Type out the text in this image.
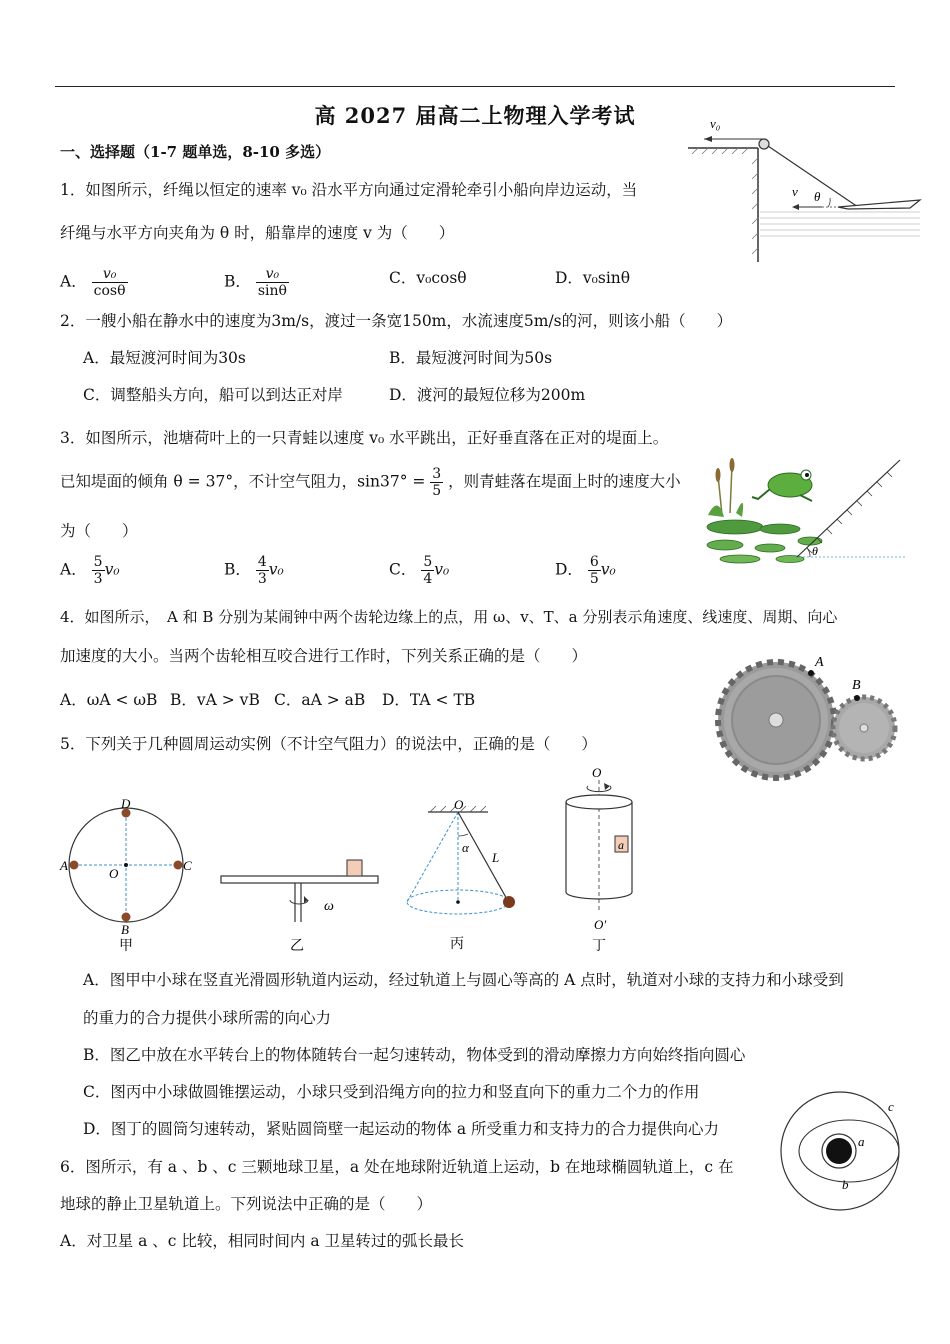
高 2027 届高二上物理入学考试
一、选择题（1-7 题单选，8-10 多选）
v₀
v θ
1．如图所示，纤绳以恒定的速率 v₀ 沿水平方向通过定滑轮牵引小船向岸边运动，当
纤绳与水平方向夹角为 θ 时，船靠岸的速度 v 为（　　）
A． $\frac{\text{v₀}}{\cos\theta}$	B． $\frac{\text{v₀}}{\sin\theta}$	C．v₀cosθ	D．v₀sinθ
2．一艘小船在静水中的速度为3m/s，渡过一条宽150m，水流速度5m/s的河，则该小船（　　）
A．最短渡河时间为30s	B．最短渡河时间为50s
C．调整船头方向，船可以到达正对岸	D．渡河的最短位移为200m
3．如图所示，池塘荷叶上的一只青蛙以速度 v₀ 水平跳出，正好垂直落在正对的堤面上。
已知堤面的倾角 θ = 37°，不计空气阻力，$\sin 37^\circ = \frac{3}{5}$ ，则青蛙落在堤面上时的速度大小
为（　　）
θ
A． $\frac{5}{3} v_0$	B． $\frac{4}{3} v_0$	C． $\frac{5}{4} v_0$	D． $\frac{6}{5} v_0$
4．如图所示，　A 和 B 分别为某闹钟中两个齿轮边缘上的点，用 ω、v、T、a 分别表示角速度、线速度、周期、向心
加速度的大小。当两个齿轮相互咬合进行工作时，下列关系正确的是（　　）
A．ωA < ωB B．vA > vB C．aA > aB D．TA < TB
A
B
5．下列关于几种圆周运动实例（不计空气阻力）的说法中，正确的是（　　）
D
A	C
O
B
甲
ω
乙
O
α
L
丙
O
a
O′
丁
A．图甲中小球在竖直光滑圆形轨道内运动，经过轨道上与圆心等高的 A 点时，轨道对小球的支持力和小球受到
的重力的合力提供小球所需的向心力
B．图乙中放在水平转台上的物体随转台一起匀速转动，物体受到的滑动摩擦力方向始终指向圆心
C．图丙中小球做圆锥摆运动，小球只受到沿绳方向的拉力和竖直向下的重力二个力的作用
D．图丁的圆筒匀速转动，紧贴圆筒壁一起运动的物体 a 所受重力和支持力的合力提供向心力
c
a
b
6．图所示，有 a 、b 、c 三颗地球卫星，a 处在地球附近轨道上运动，b 在地球椭圆轨道上，c 在
地球的静止卫星轨道上。下列说法中正确的是（　　）
A．对卫星 a 、c 比较，相同时间内 a 卫星转过的弧长最长
